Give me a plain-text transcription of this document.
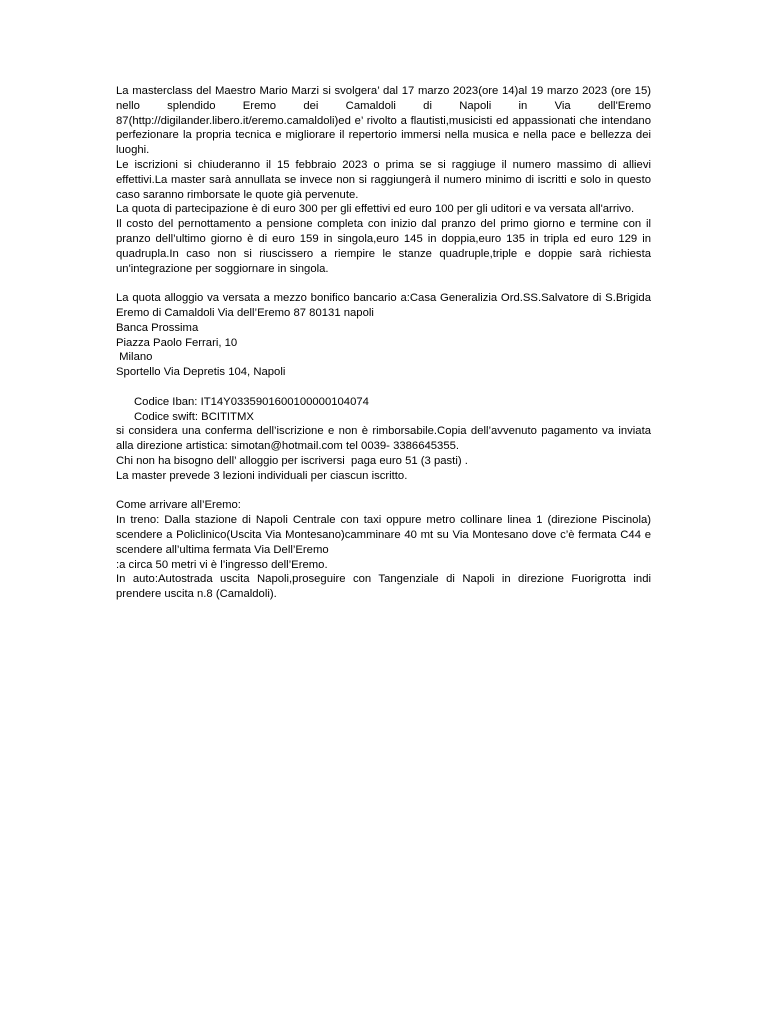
La masterclass del Maestro Mario Marzi si svolgera’ dal 17 marzo 2023(ore 14)al 19 marzo 2023 (ore 15) nello splendido Eremo dei Camaldoli di Napoli in Via dell'Eremo 87(http://digilander.libero.it/eremo.camaldoli)ed e’ rivolto a flautisti,musicisti ed appassionati che intendano perfezionare la propria tecnica e migliorare il repertorio immersi nella musica e nella pace e bellezza dei luoghi.

Le iscrizioni si chiuderanno il 15 febbraio 2023 o prima se si raggiuge il numero massimo di allievi effettivi.La master sarà annullata se invece non si raggiungerà il numero minimo di iscritti e solo in questo caso saranno rimborsate le quote già pervenute.

La quota di partecipazione è di euro 300 per gli effettivi ed euro 100 per gli uditori e va versata all'arrivo.

Il costo del pernottamento a pensione completa con inizio dal pranzo del primo giorno e termine con il pranzo dell’ultimo giorno è di euro 159 in singola,euro 145 in doppia,euro 135 in tripla ed euro 129 in quadrupla.In caso non si riuscissero a riempire le stanze quadruple,triple e doppie sarà richiesta un'integrazione per soggiornare in singola.

La quota alloggio va versata a mezzo bonifico bancario a:Casa Generalizia Ord.SS.Salvatore di S.Brigida Eremo di Camaldoli Via dell’Eremo 87 80131 napoli

Banca Prossima

Piazza Paolo Ferrari, 10

Milano

Sportello Via Depretis 104, Napoli

Codice Iban: IT14Y0335901600100000104074

Codice swift: BCITITMX

si considera una conferma dell’iscrizione e non è rimborsabile.Copia dell’avvenuto pagamento va inviata alla direzione artistica: simotan@hotmail.com tel 0039- 3386645355.

Chi non ha bisogno dell’ alloggio per iscriversi  paga euro 51 (3 pasti) .

La master prevede 3 lezioni individuali per ciascun iscritto.

Come arrivare all’Eremo:

In treno: Dalla stazione di Napoli Centrale con taxi oppure metro collinare linea 1 (direzione Piscinola) scendere a Policlinico(Uscita Via Montesano)camminare 40 mt su Via Montesano dove c’è fermata C44 e scendere all’ultima fermata Via Dell’Eremo

:a circa 50 metri vi è l’ingresso dell’Eremo.

In auto:Autostrada uscita Napoli,proseguire con Tangenziale di Napoli in direzione Fuorigrotta indi prendere uscita n.8 (Camaldoli).
